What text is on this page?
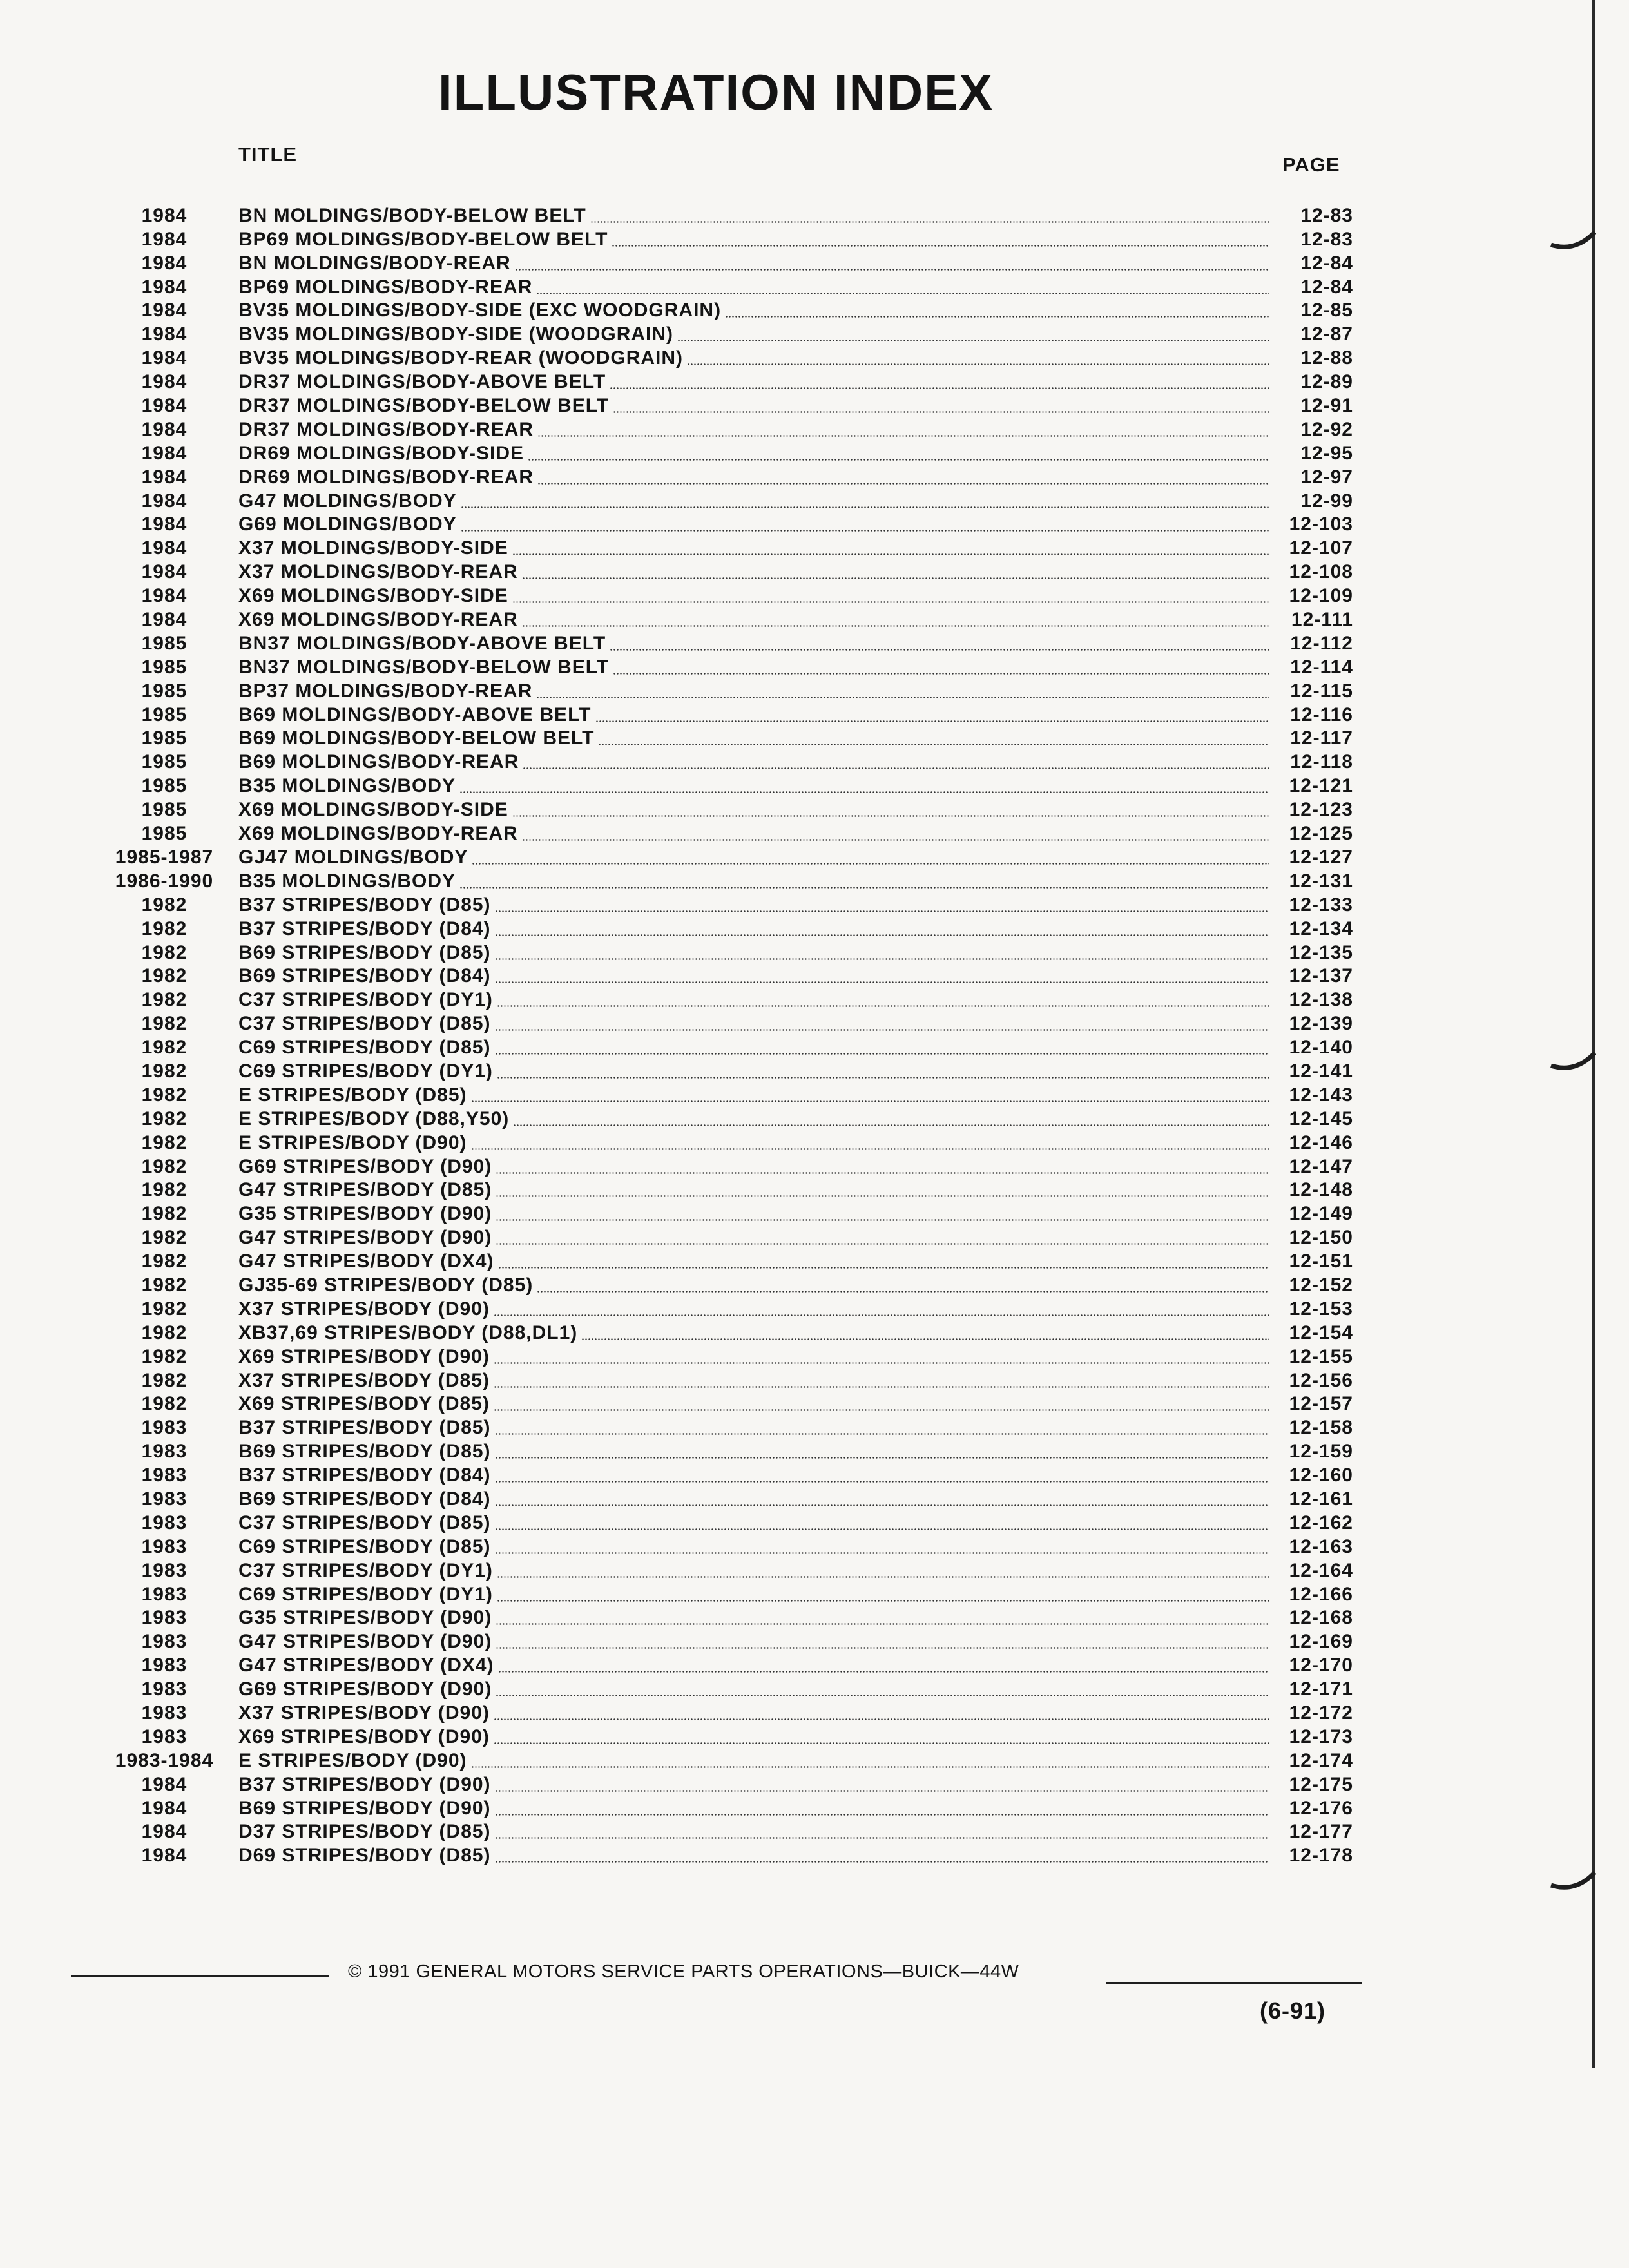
ILLUSTRATION INDEX
TITLE	PAGE
1984	BN MOLDINGS/BODY-BELOW BELT	12-83
1984	BP69 MOLDINGS/BODY-BELOW BELT	12-83
1984	BN MOLDINGS/BODY-REAR	12-84
1984	BP69 MOLDINGS/BODY-REAR	12-84
1984	BV35 MOLDINGS/BODY-SIDE (EXC WOODGRAIN)	12-85
1984	BV35 MOLDINGS/BODY-SIDE (WOODGRAIN)	12-87
1984	BV35 MOLDINGS/BODY-REAR (WOODGRAIN)	12-88
1984	DR37 MOLDINGS/BODY-ABOVE BELT	12-89
1984	DR37 MOLDINGS/BODY-BELOW BELT	12-91
1984	DR37 MOLDINGS/BODY-REAR	12-92
1984	DR69 MOLDINGS/BODY-SIDE	12-95
1984	DR69 MOLDINGS/BODY-REAR	12-97
1984	G47 MOLDINGS/BODY	12-99
1984	G69 MOLDINGS/BODY	12-103
1984	X37 MOLDINGS/BODY-SIDE	12-107
1984	X37 MOLDINGS/BODY-REAR	12-108
1984	X69 MOLDINGS/BODY-SIDE	12-109
1984	X69 MOLDINGS/BODY-REAR	12-111
1985	BN37 MOLDINGS/BODY-ABOVE BELT	12-112
1985	BN37 MOLDINGS/BODY-BELOW BELT	12-114
1985	BP37 MOLDINGS/BODY-REAR	12-115
1985	B69 MOLDINGS/BODY-ABOVE BELT	12-116
1985	B69 MOLDINGS/BODY-BELOW BELT	12-117
1985	B69 MOLDINGS/BODY-REAR	12-118
1985	B35 MOLDINGS/BODY	12-121
1985	X69 MOLDINGS/BODY-SIDE	12-123
1985	X69 MOLDINGS/BODY-REAR	12-125
1985-1987	GJ47 MOLDINGS/BODY	12-127
1986-1990	B35 MOLDINGS/BODY	12-131
1982	B37 STRIPES/BODY (D85)	12-133
1982	B37 STRIPES/BODY (D84)	12-134
1982	B69 STRIPES/BODY (D85)	12-135
1982	B69 STRIPES/BODY (D84)	12-137
1982	C37 STRIPES/BODY (DY1)	12-138
1982	C37 STRIPES/BODY (D85)	12-139
1982	C69 STRIPES/BODY (D85)	12-140
1982	C69 STRIPES/BODY (DY1)	12-141
1982	E STRIPES/BODY (D85)	12-143
1982	E STRIPES/BODY (D88,Y50)	12-145
1982	E STRIPES/BODY (D90)	12-146
1982	G69 STRIPES/BODY (D90)	12-147
1982	G47 STRIPES/BODY (D85)	12-148
1982	G35 STRIPES/BODY (D90)	12-149
1982	G47 STRIPES/BODY (D90)	12-150
1982	G47 STRIPES/BODY (DX4)	12-151
1982	GJ35-69 STRIPES/BODY (D85)	12-152
1982	X37 STRIPES/BODY (D90)	12-153
1982	XB37,69 STRIPES/BODY (D88,DL1)	12-154
1982	X69 STRIPES/BODY (D90)	12-155
1982	X37 STRIPES/BODY (D85)	12-156
1982	X69 STRIPES/BODY (D85)	12-157
1983	B37 STRIPES/BODY (D85)	12-158
1983	B69 STRIPES/BODY (D85)	12-159
1983	B37 STRIPES/BODY (D84)	12-160
1983	B69 STRIPES/BODY (D84)	12-161
1983	C37 STRIPES/BODY (D85)	12-162
1983	C69 STRIPES/BODY (D85)	12-163
1983	C37 STRIPES/BODY (DY1)	12-164
1983	C69 STRIPES/BODY (DY1)	12-166
1983	G35 STRIPES/BODY (D90)	12-168
1983	G47 STRIPES/BODY (D90)	12-169
1983	G47 STRIPES/BODY (DX4)	12-170
1983	G69 STRIPES/BODY (D90)	12-171
1983	X37 STRIPES/BODY (D90)	12-172
1983	X69 STRIPES/BODY (D90)	12-173
1983-1984	E STRIPES/BODY (D90)	12-174
1984	B37 STRIPES/BODY (D90)	12-175
1984	B69 STRIPES/BODY (D90)	12-176
1984	D37 STRIPES/BODY (D85)	12-177
1984	D69 STRIPES/BODY (D85)	12-178
© 1991 GENERAL MOTORS SERVICE PARTS OPERATIONS—BUICK—44W
(6-91)
